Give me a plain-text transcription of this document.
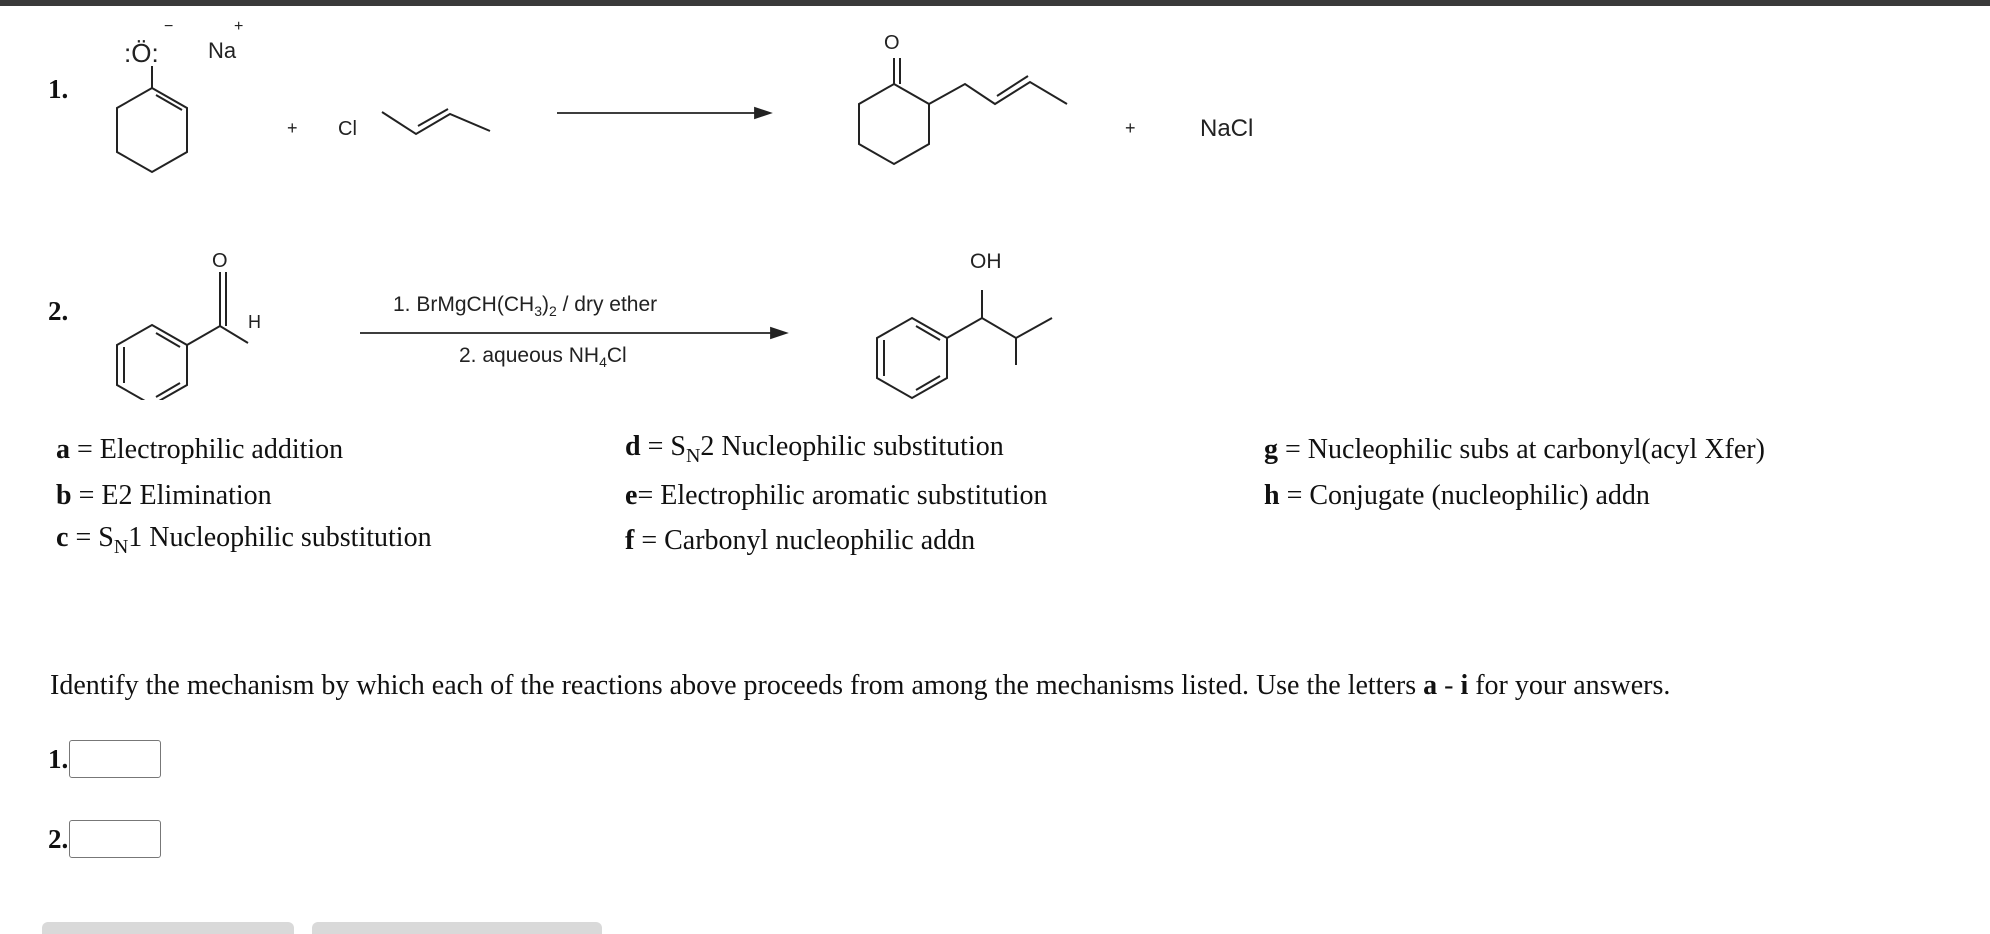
1.
:Ö:
−
Na
+
+ Cl
O
+	NaCl
2.
O
H
1. $BrMgCH(CH_3)_2$ / dry ether
2. aqueous $NH_4Cl$
OH
a = Electrophilic addition
b = E2 Elimination
$c = S_N1$ Nucleophilic substitution
$d = S_N2$ Nucleophilic substitution
e= Electrophilic aromatic substitution
f = Carbonyl nucleophilic addn
g = Nucleophilic subs at carbonyl(acyl Xfer)
h = Conjugate (nucleophilic) addn
Identify the mechanism by which each of the reactions above proceeds from among the mechanisms listed. Use the letters a - i for your answers.
1.
2.
